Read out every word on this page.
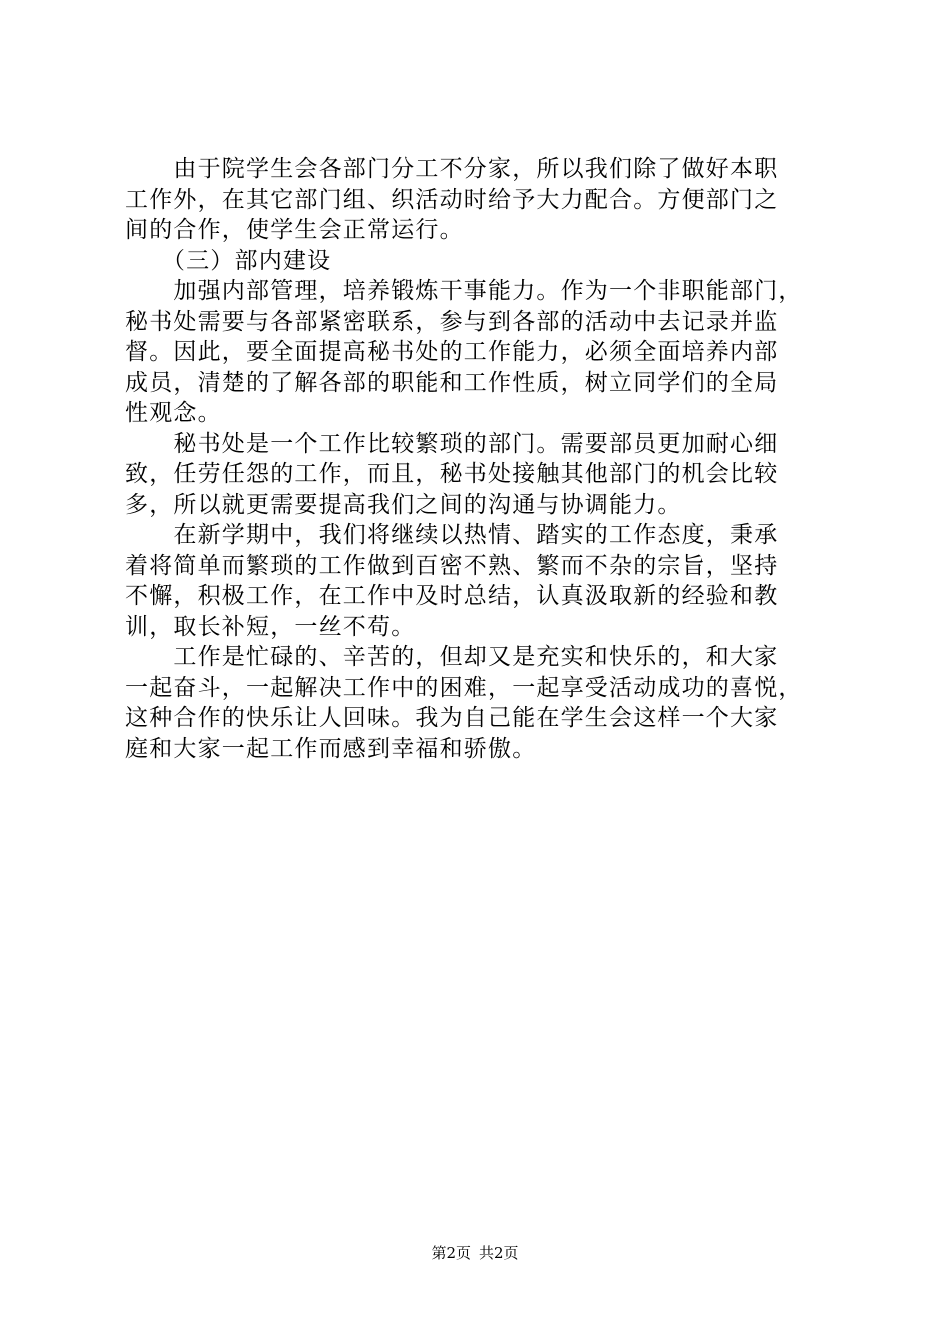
　　由于院学生会各部门分工不分家，所以我们除了做好本职
工作外，在其它部门组、织活动时给予大力配合。方便部门之
间的合作，使学生会正常运行。
　　（三）部内建设
　　加强内部管理，培养锻炼干事能力。作为一个非职能部门，
秘书处需要与各部紧密联系，参与到各部的活动中去记录并监
督。因此，要全面提高秘书处的工作能力，必须全面培养内部
成员，清楚的了解各部的职能和工作性质，树立同学们的全局
性观念。
　　秘书处是一个工作比较繁琐的部门。需要部员更加耐心细
致，任劳任怨的工作，而且，秘书处接触其他部门的机会比较
多，所以就更需要提高我们之间的沟通与协调能力。
　　在新学期中，我们将继续以热情、踏实的工作态度，秉承
着将简单而繁琐的工作做到百密不熟、繁而不杂的宗旨，坚持
不懈，积极工作，在工作中及时总结，认真汲取新的经验和教
训，取长补短，一丝不苟。
　　工作是忙碌的、辛苦的，但却又是充实和快乐的，和大家
一起奋斗，一起解决工作中的困难，一起享受活动成功的喜悦，
这种合作的快乐让人回味。我为自己能在学生会这样一个大家
庭和大家一起工作而感到幸福和骄傲。
第2页 共2页
